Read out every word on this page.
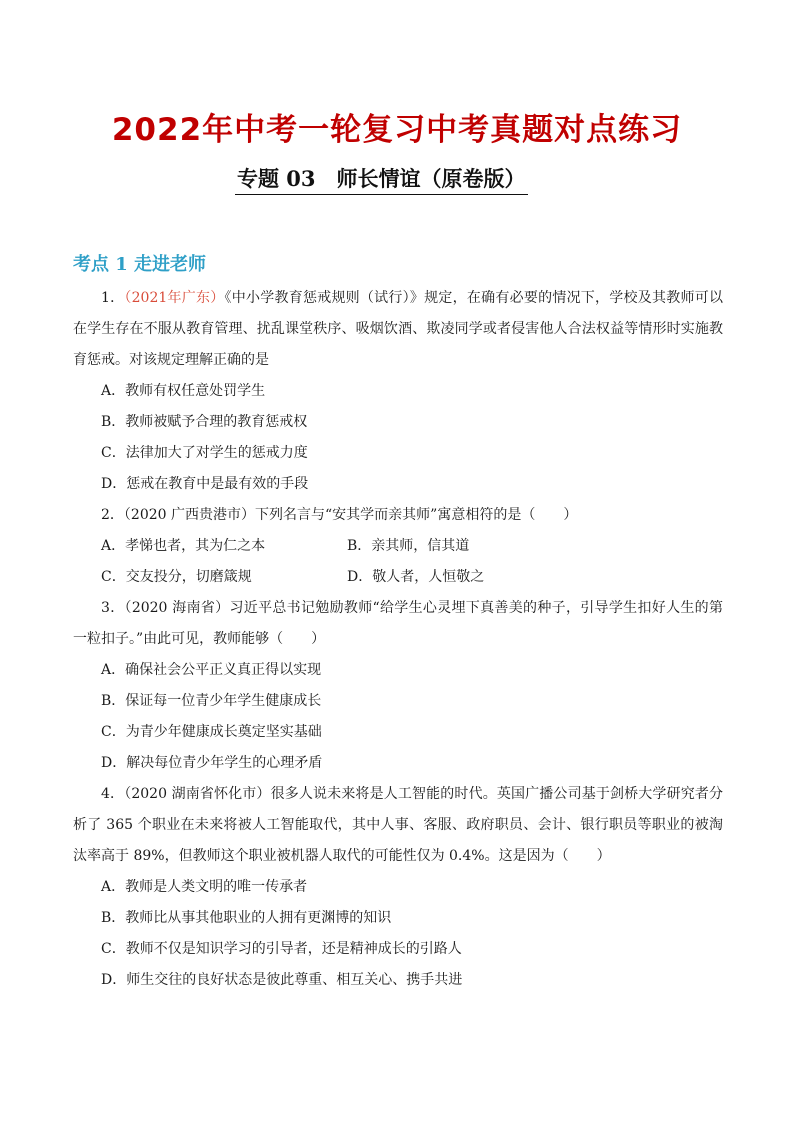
2022年中考一轮复习中考真题对点练习
专题 03　师长情谊（原卷版）
考点 1 走进老师
1．（2021年广东）《中小学教育惩戒规则（试行）》规定，在确有必要的情况下，学校及其教师可以在学生存在不服从教育管理、扰乱课堂秩序、吸烟饮酒、欺凌同学或者侵害他人合法权益等情形时实施教育惩戒。对该规定理解正确的是
A．教师有权任意处罚学生
B．教师被赋予合理的教育惩戒权
C．法律加大了对学生的惩戒力度
D．惩戒在教育中是最有效的手段
2．（2020 广西贵港市）下列名言与“安其学而亲其师”寓意相符的是（　　）
A．孝悌也者，其为仁之本	B．亲其师，信其道
C．交友投分，切磨箴规	D．敬人者，人恒敬之
3．（2020 海南省）习近平总书记勉励教师“给学生心灵埋下真善美的种子，引导学生扣好人生的第一粒扣子。”由此可见，教师能够（　　）
A．确保社会公平正义真正得以实现
B．保证每一位青少年学生健康成长
C．为青少年健康成长奠定坚实基础
D．解决每位青少年学生的心理矛盾
4．（2020 湖南省怀化市）很多人说未来将是人工智能的时代。英国广播公司基于剑桥大学研究者分析了 365 个职业在未来将被人工智能取代，其中人事、客服、政府职员、会计、银行职员等职业的被淘汰率高于 89%，但教师这个职业被机器人取代的可能性仅为 0.4%。这是因为（　　）
A．教师是人类文明的唯一传承者
B．教师比从事其他职业的人拥有更渊博的知识
C．教师不仅是知识学习的引导者，还是精神成长的引路人
D．师生交往的良好状态是彼此尊重、相互关心、携手共进
